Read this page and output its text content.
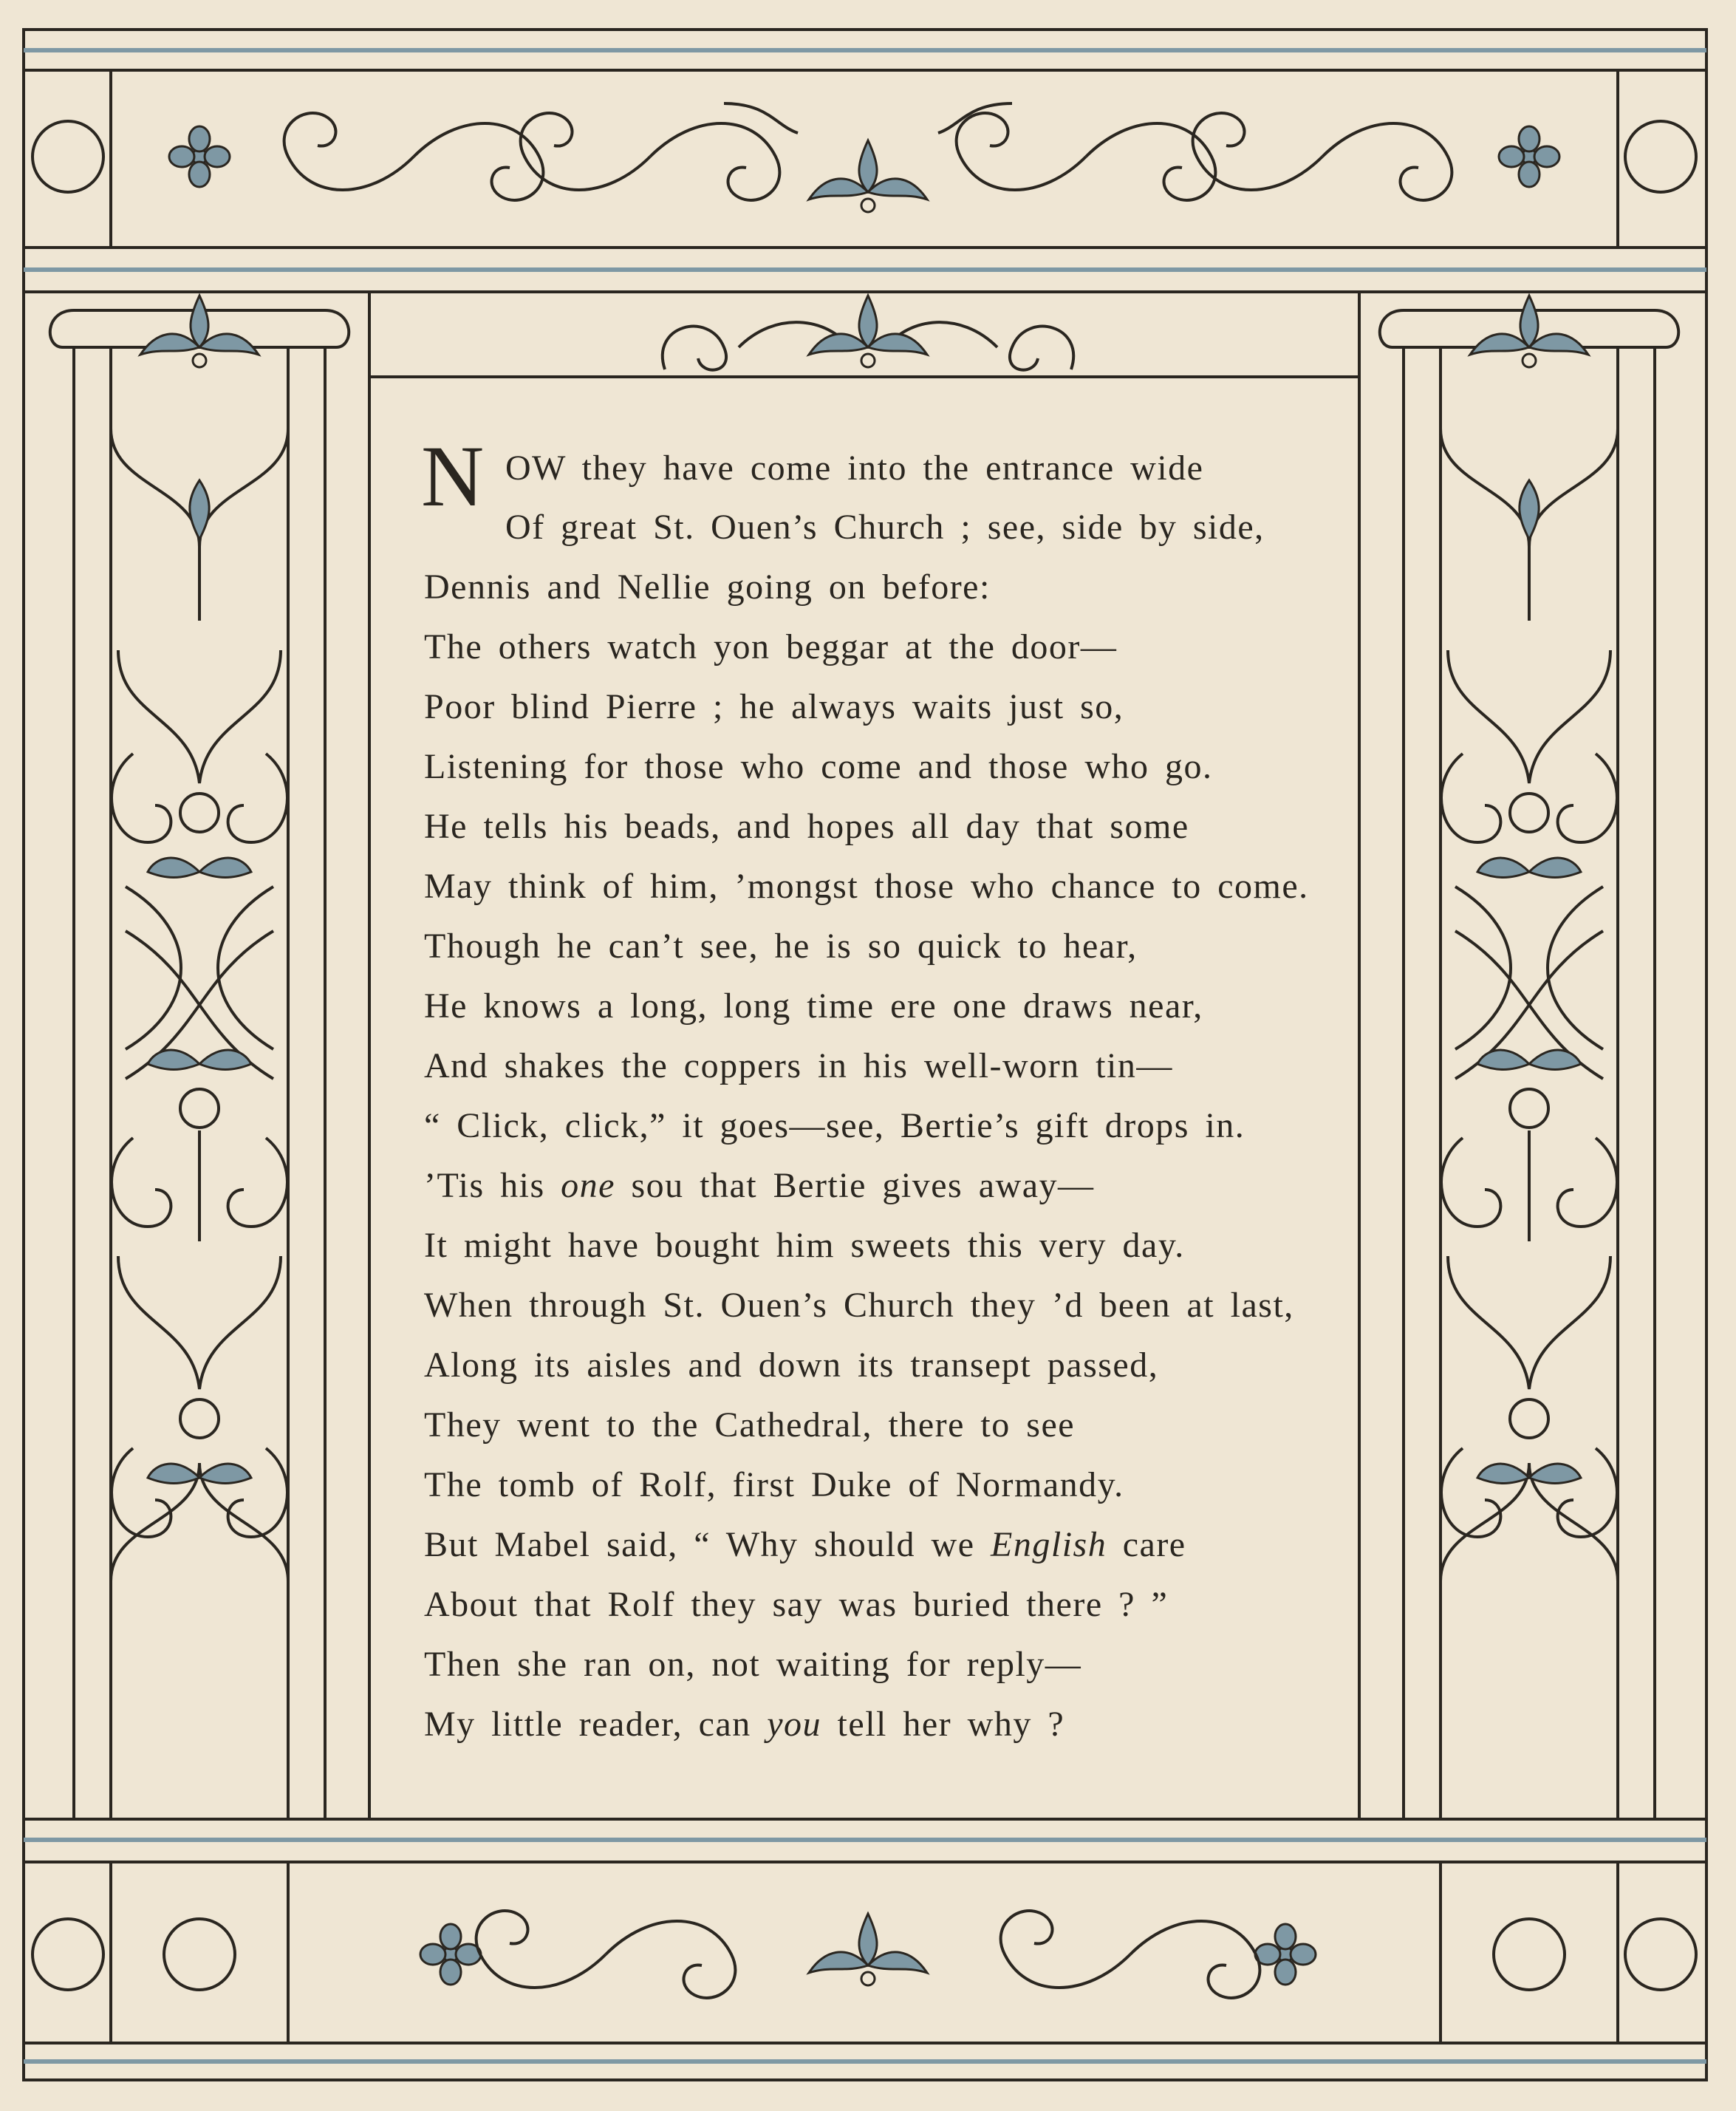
N OW they have come into the entrance wide
Of great St. Ouen’s Church ; see, side by side,
Dennis and Nellie going on before:
The others watch yon beggar at the door—
Poor blind Pierre ; he always waits just so,
Listening for those who come and those who go.
He tells his beads, and hopes all day that some
May think of him, ’mongst those who chance to come.
Though he can’t see, he is so quick to hear,
He knows a long, long time ere one draws near,
And shakes the coppers in his well-worn tin—
“ Click, click,” it goes—see, Bertie’s gift drops in.
’Tis his one sou that Bertie gives away—
It might have bought him sweets this very day.
When through St. Ouen’s Church they ’d been at last,
Along its aisles and down its transept passed,
They went to the Cathedral, there to see
The tomb of Rolf, first Duke of Normandy.
But Mabel said, “ Why should we English care
About that Rolf they say was buried there ? ”
Then she ran on, not waiting for reply—
My little reader, can you tell her why ?
